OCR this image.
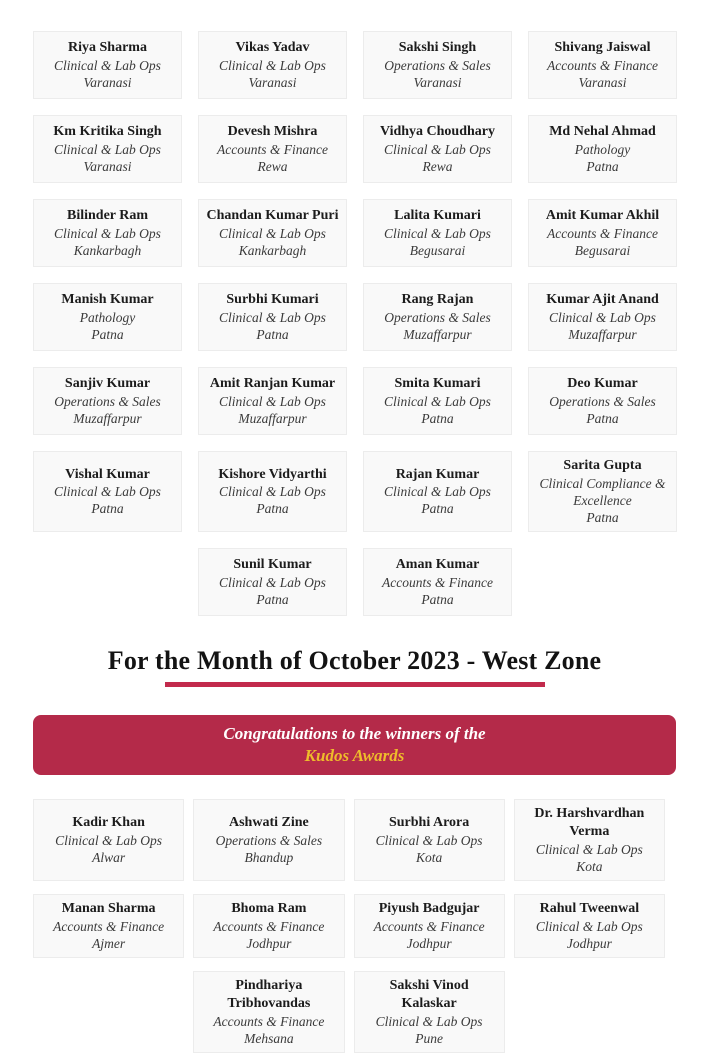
Riya Sharma
Clinical & Lab Ops
Varanasi
Vikas Yadav
Clinical & Lab Ops
Varanasi
Sakshi Singh
Operations & Sales
Varanasi
Shivang Jaiswal
Accounts & Finance
Varanasi
Km Kritika Singh
Clinical & Lab Ops
Varanasi
Devesh Mishra
Accounts & Finance
Rewa
Vidhya Choudhary
Clinical & Lab Ops
Rewa
Md Nehal Ahmad
Pathology
Patna
Bilinder Ram
Clinical & Lab Ops
Kankarbagh
Chandan Kumar Puri
Clinical & Lab Ops
Kankarbagh
Lalita Kumari
Clinical & Lab Ops
Begusarai
Amit Kumar Akhil
Accounts & Finance
Begusarai
Manish Kumar
Pathology
Patna
Surbhi Kumari
Clinical & Lab Ops
Patna
Rang Rajan
Operations & Sales
Muzaffarpur
Kumar Ajit Anand
Clinical & Lab Ops
Muzaffarpur
Sanjiv Kumar
Operations & Sales
Muzaffarpur
Amit Ranjan Kumar
Clinical & Lab Ops
Muzaffarpur
Smita Kumari
Clinical & Lab Ops
Patna
Deo Kumar
Operations & Sales
Patna
Vishal Kumar
Clinical & Lab Ops
Patna
Kishore Vidyarthi
Clinical & Lab Ops
Patna
Rajan Kumar
Clinical & Lab Ops
Patna
Sarita Gupta
Clinical Compliance & Excellence
Patna
Sunil Kumar
Clinical & Lab Ops
Patna
Aman Kumar
Accounts & Finance
Patna
For the Month of October 2023 - West Zone
Congratulations to the winners of the
Kudos Awards
Kadir Khan
Clinical & Lab Ops
Alwar
Ashwati Zine
Operations & Sales
Bhandup
Surbhi Arora
Clinical & Lab Ops
Kota
Dr. Harshvardhan Verma
Clinical & Lab Ops
Kota
Manan Sharma
Accounts & Finance
Ajmer
Bhoma Ram
Accounts & Finance
Jodhpur
Piyush Badgujar
Accounts & Finance
Jodhpur
Rahul Tweenwal
Clinical & Lab Ops
Jodhpur
Pindhariya Tribhovandas
Accounts & Finance
Mehsana
Sakshi Vinod Kalaskar
Clinical & Lab Ops
Pune
